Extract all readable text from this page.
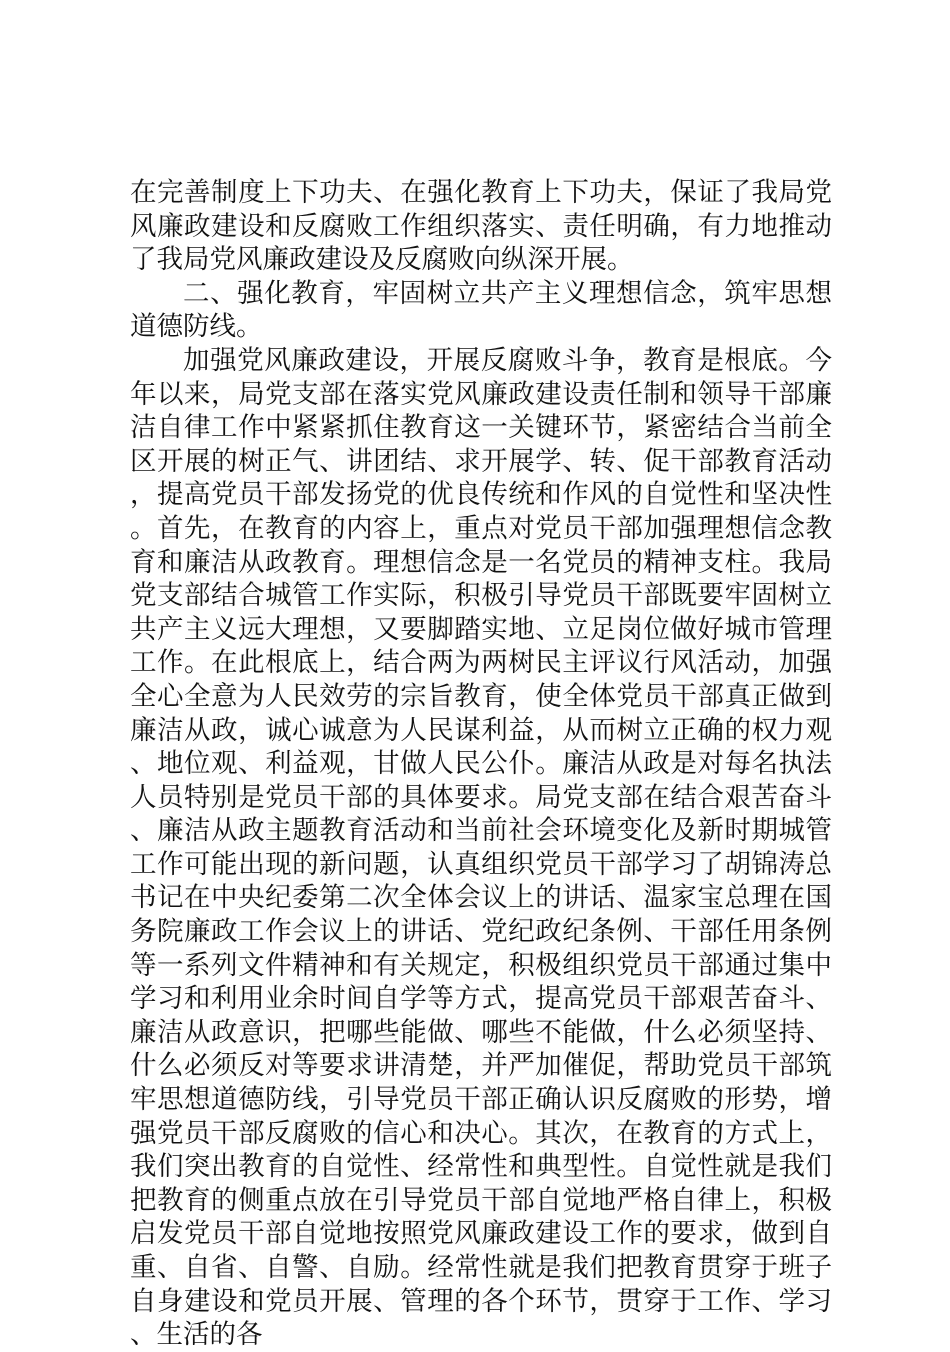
在完善制度上下功夫、在强化教育上下功夫，保证了我局党风廉政建设和反腐败工作组织落实、责任明确，有力地推动了我局党风廉政建设及反腐败向纵深开展。

二、强化教育，牢固树立共产主义理想信念，筑牢思想道德防线。

加强党风廉政建设，开展反腐败斗争，教育是根底。今年以来，局党支部在落实党风廉政建设责任制和领导干部廉洁自律工作中紧紧抓住教育这一关键环节，紧密结合当前全区开展的树正气、讲团结、求开展学、转、促干部教育活动，提高党员干部发扬党的优良传统和作风的自觉性和坚决性。首先，在教育的内容上，重点对党员干部加强理想信念教育和廉洁从政教育。理想信念是一名党员的精神支柱。我局党支部结合城管工作实际，积极引导党员干部既要牢固树立共产主义远大理想，又要脚踏实地、立足岗位做好城市管理工作。在此根底上，结合两为两树民主评议行风活动，加强全心全意为人民效劳的宗旨教育，使全体党员干部真正做到廉洁从政，诚心诚意为人民谋利益，从而树立正确的权力观、地位观、利益观，甘做人民公仆。廉洁从政是对每名执法人员特别是党员干部的具体要求。局党支部在结合艰苦奋斗、廉洁从政主题教育活动和当前社会环境变化及新时期城管工作可能出现的新问题，认真组织党员干部学习了胡锦涛总书记在中央纪委第二次全体会议上的讲话、温家宝总理在国务院廉政工作会议上的讲话、党纪政纪条例、干部任用条例等一系列文件精神和有关规定，积极组织党员干部通过集中学习和利用业余时间自学等方式，提高党员干部艰苦奋斗、廉洁从政意识，把哪些能做、哪些不能做，什么必须坚持、什么必须反对等要求讲清楚，并严加催促，帮助党员干部筑牢思想道德防线，引导党员干部正确认识反腐败的形势，增强党员干部反腐败的信心和决心。其次，在教育的方式上，我们突出教育的自觉性、经常性和典型性。自觉性就是我们把教育的侧重点放在引导党员干部自觉地严格自律上，积极启发党员干部自觉地按照党风廉政建设工作的要求，做到自重、自省、自警、自励。经常性就是我们把教育贯穿于班子自身建设和党员开展、管理的各个环节，贯穿于工作、学习、生活的各
